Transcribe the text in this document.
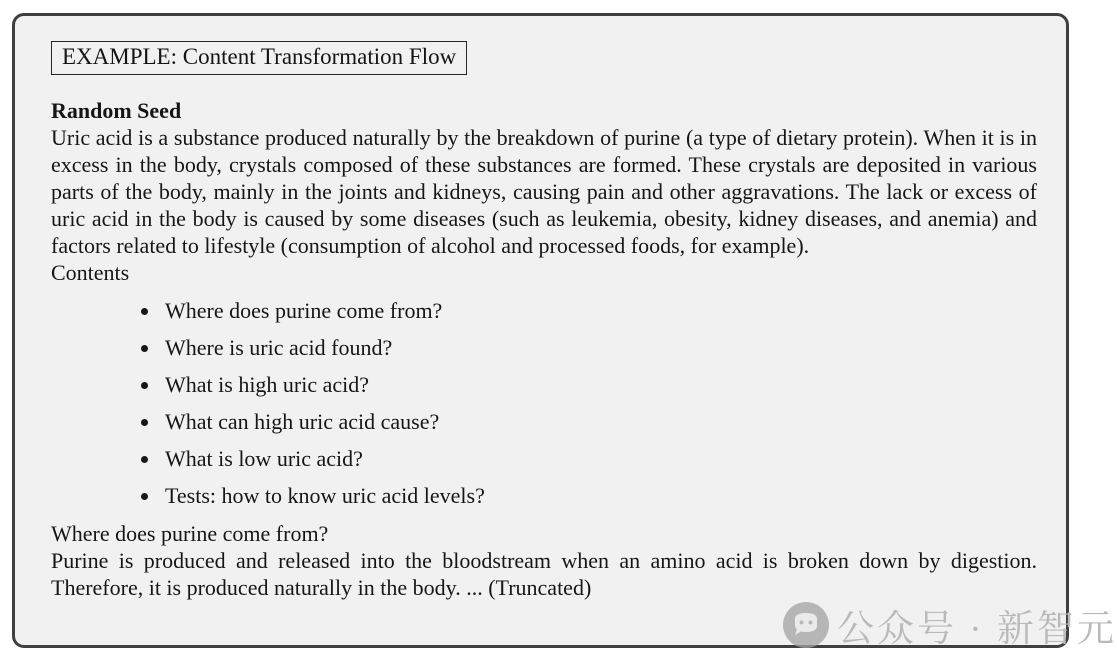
公众号 · 新智元
EXAMPLE: Content Transformation Flow
Random Seed
Uric acid is a substance produced naturally by the breakdown of purine (a type of dietary protein). When it is in excess in the body, crystals composed of these substances are formed. These crystals are deposited in various parts of the body, mainly in the joints and kidneys, causing pain and other aggravations. The lack or excess of uric acid in the body is caused by some diseases (such as leukemia, obesity, kidney diseases, and anemia) and factors related to lifestyle (consumption of alcohol and processed foods, for example).
Contents
• Where does purine come from?
• Where is uric acid found?
• What is high uric acid?
• What can high uric acid cause?
• What is low uric acid?
• Tests: how to know uric acid levels?
Where does purine come from?
Purine is produced and released into the bloodstream when an amino acid is broken down by digestion. Therefore, it is produced naturally in the body. ... (Truncated)
